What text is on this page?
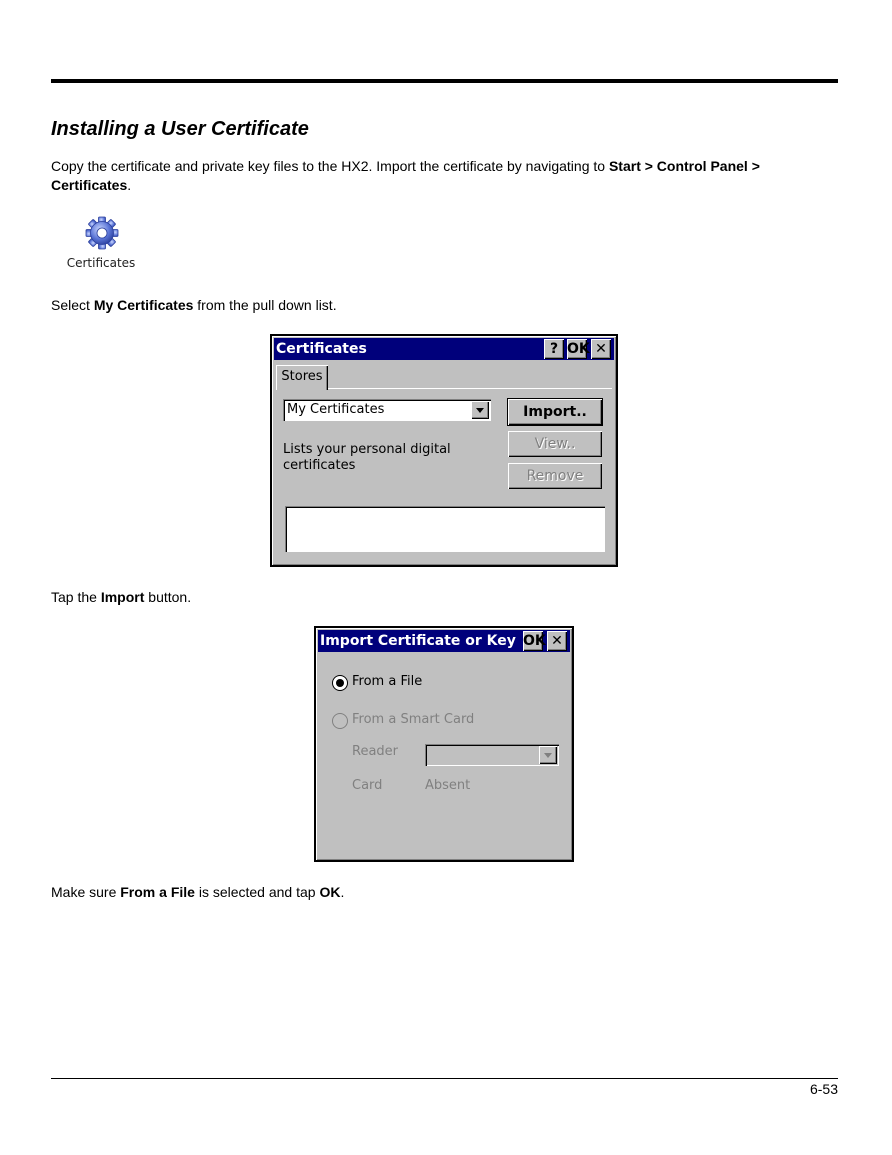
Installing a User Certificate
Copy the certificate and private key files to the HX2. Import the certificate by navigating to Start > Control Panel > Certificates.
Certificates
Select My Certificates from the pull down list.
Certificates	? OK ✕
Stores
My Certificates
Lists your personal digital certificates
Import..
View..
Remove
Tap the Import button.
Import Certificate or Key OK ✕
From a File
From a Smart Card
Reader
Card	Absent
Make sure From a File is selected and tap OK.
6-53
